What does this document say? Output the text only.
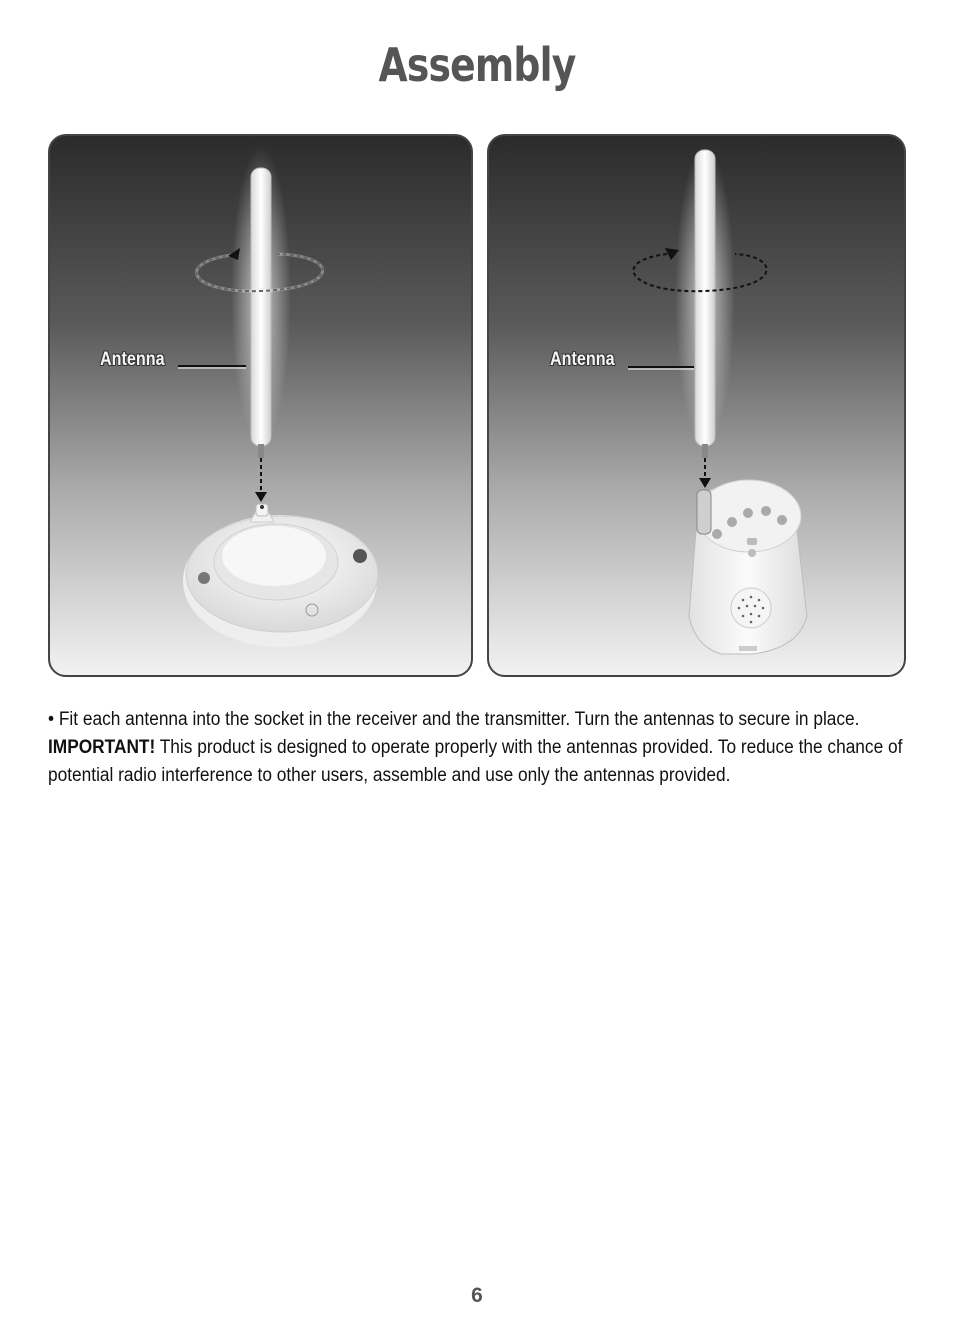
Assembly
Antenna	Antenna
• Fit each antenna into the socket in the receiver and the transmitter. Turn the antennas to secure in place.
IMPORTANT! This product is designed to operate properly with the antennas provided. To reduce the chance of potential radio interference to other users, assemble and use only the antennas provided.
6
